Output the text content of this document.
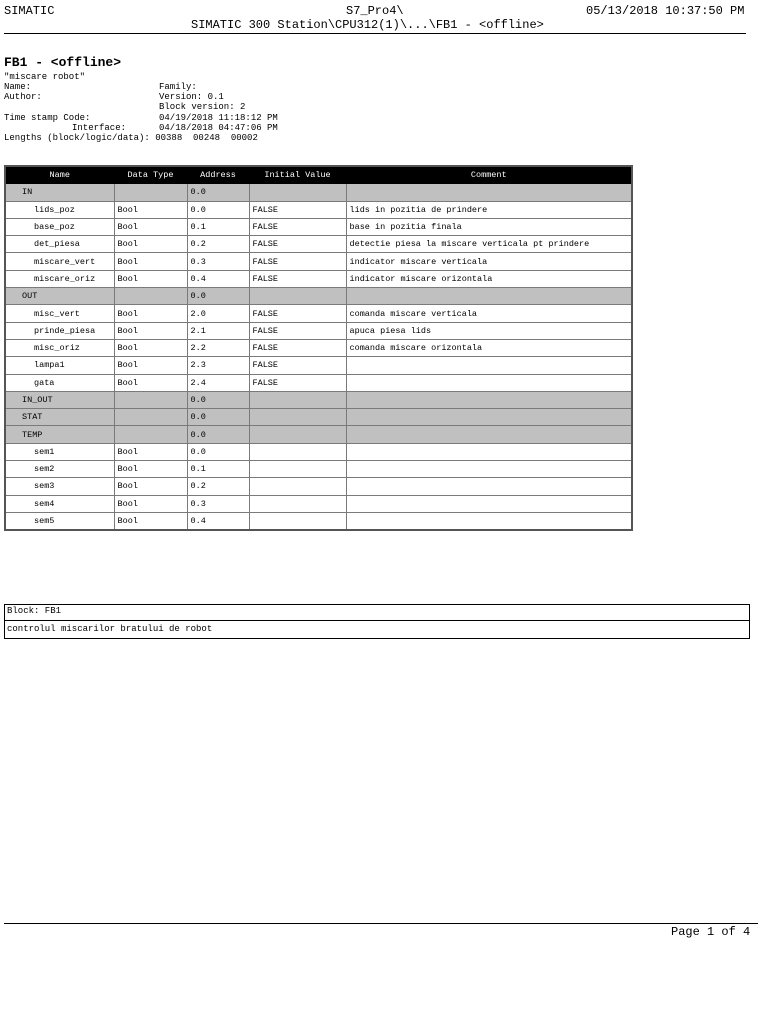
SIMATIC	S7_Pro4\	05/13/2018 10:37:50 PM
SIMATIC 300 Station\CPU312(1)\...\FB1 - <offline>
FB1 - <offline>
"miscare robot"
Name:	Family:
Author:	Version: 0.1
Block version: 2
Time stamp Code:	04/19/2018 11:18:12 PM
Interface:	04/18/2018 04:47:06 PM
Lengths (block/logic/data): 00388  00248  00002
Name	Data Type	Address	Initial Value	Comment
IN		0.0		
lids_poz	Bool	0.0	FALSE	lids in pozitia de prindere
base_poz	Bool	0.1	FALSE	base in pozitia finala
det_piesa	Bool	0.2	FALSE	detectie piesa la miscare verticala pt prindere
miscare_vert	Bool	0.3	FALSE	indicator miscare verticala
miscare_oriz	Bool	0.4	FALSE	indicator miscare orizontala
OUT		0.0		
misc_vert	Bool	2.0	FALSE	comanda miscare verticala
prinde_piesa	Bool	2.1	FALSE	apuca piesa lids
misc_oriz	Bool	2.2	FALSE	comanda miscare orizontala
lampa1	Bool	2.3	FALSE	
gata	Bool	2.4	FALSE	
IN_OUT		0.0		
STAT		0.0		
TEMP		0.0		
sem1	Bool	0.0		
sem2	Bool	0.1		
sem3	Bool	0.2		
sem4	Bool	0.3		
sem5	Bool	0.4		
Block: FB1
controlul miscarilor bratului de robot
Page 1 of 4
